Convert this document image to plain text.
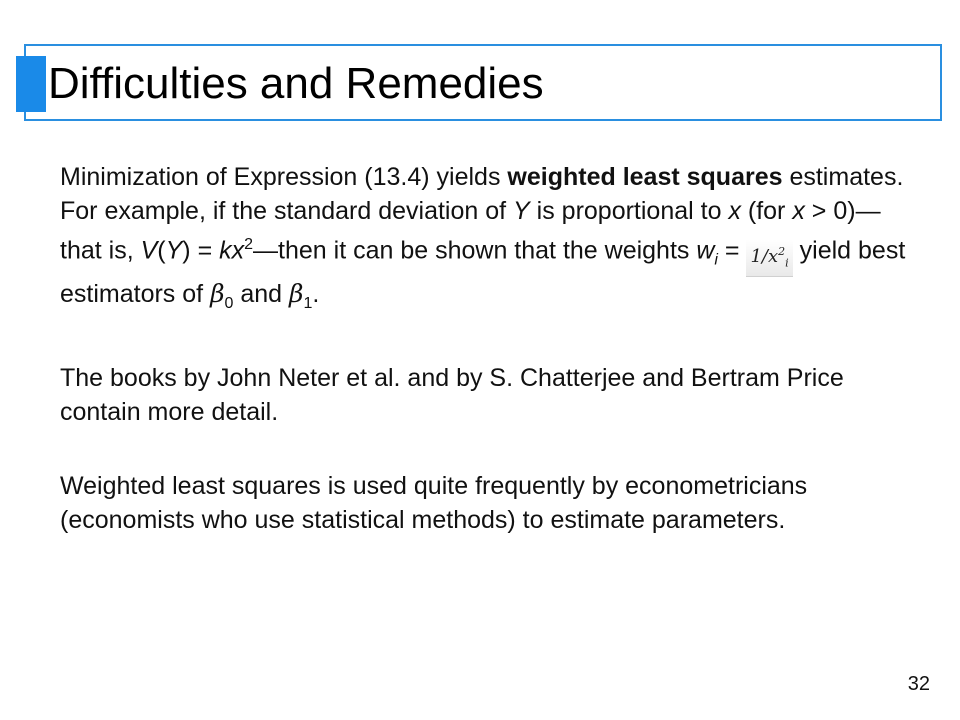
Difficulties and Remedies

Minimization of Expression (13.4) yields weighted least squares estimates. For example, if the standard deviation of Y is proportional to x (for x > 0)—that is, $V(Y) = kx^2—then$ it can be shown that the weights $w_i = 1/x^2_i$ yield best estimators of $\beta_0$ and $\beta_1$.

The books by John Neter et al. and by S. Chatterjee and Bertram Price contain more detail.

Weighted least squares is used quite frequently by econometricians (economists who use statistical methods) to estimate parameters.

32
